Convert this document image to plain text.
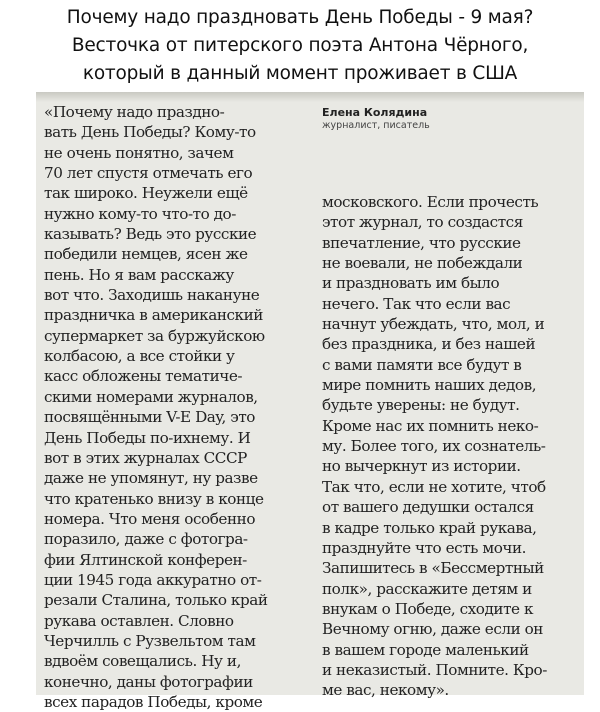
Почему надо праздновать День Победы - 9 мая?
Весточка от питерского поэта Антона Чёрного,
который в данный момент проживает в США
«Почему надо праздно-
вать День Победы? Кому-то
не очень понятно, зачем
70 лет спустя отмечать его
так широко. Неужели ещё
нужно кому-то что-то до-
казывать? Ведь это русские
победили немцев, ясен же
пень. Но я вам расскажу
вот что. Заходишь накануне
праздничка в американский
супермаркет за буржуйскою
колбасою, а все стойки у
касс обложены тематиче-
скими номерами журналов,
посвящёнными V-E Day, это
День Победы по-ихнему. И
вот в этих журналах СССР
даже не упомянут, ну разве
что кратенько внизу в конце
номера. Что меня особенно
поразило, даже с фотогра-
фии Ялтинской конферен-
ции 1945 года аккуратно от-
резали Сталина, только край
рукава оставлен. Словно
Черчилль с Рузвельтом там
вдвоём совещались. Ну и,
конечно, даны фотографии
всех парадов Победы, кроме
Елена Колядина
журналист, писатель
московского. Если прочесть
этот журнал, то создастся
впечатление, что русские
не воевали, не побеждали
и праздновать им было
нечего. Так что если вас
начнут убеждать, что, мол, и
без праздника, и без нашей
с вами памяти все будут в
мире помнить наших дедов,
будьте уверены: не будут.
Кроме нас их помнить неко-
му. Более того, их сознатель-
но вычеркнут из истории.
Так что, если не хотите, чтоб
от вашего дедушки остался
в кадре только край рукава,
празднуйте что есть мочи.
Запишитесь в «Бессмертный
полк», расскажите детям и
внукам о Победе, сходите к
Вечному огню, даже если он
в вашем городе маленький
и неказистый. Помните. Кро-
ме вас, некому».
